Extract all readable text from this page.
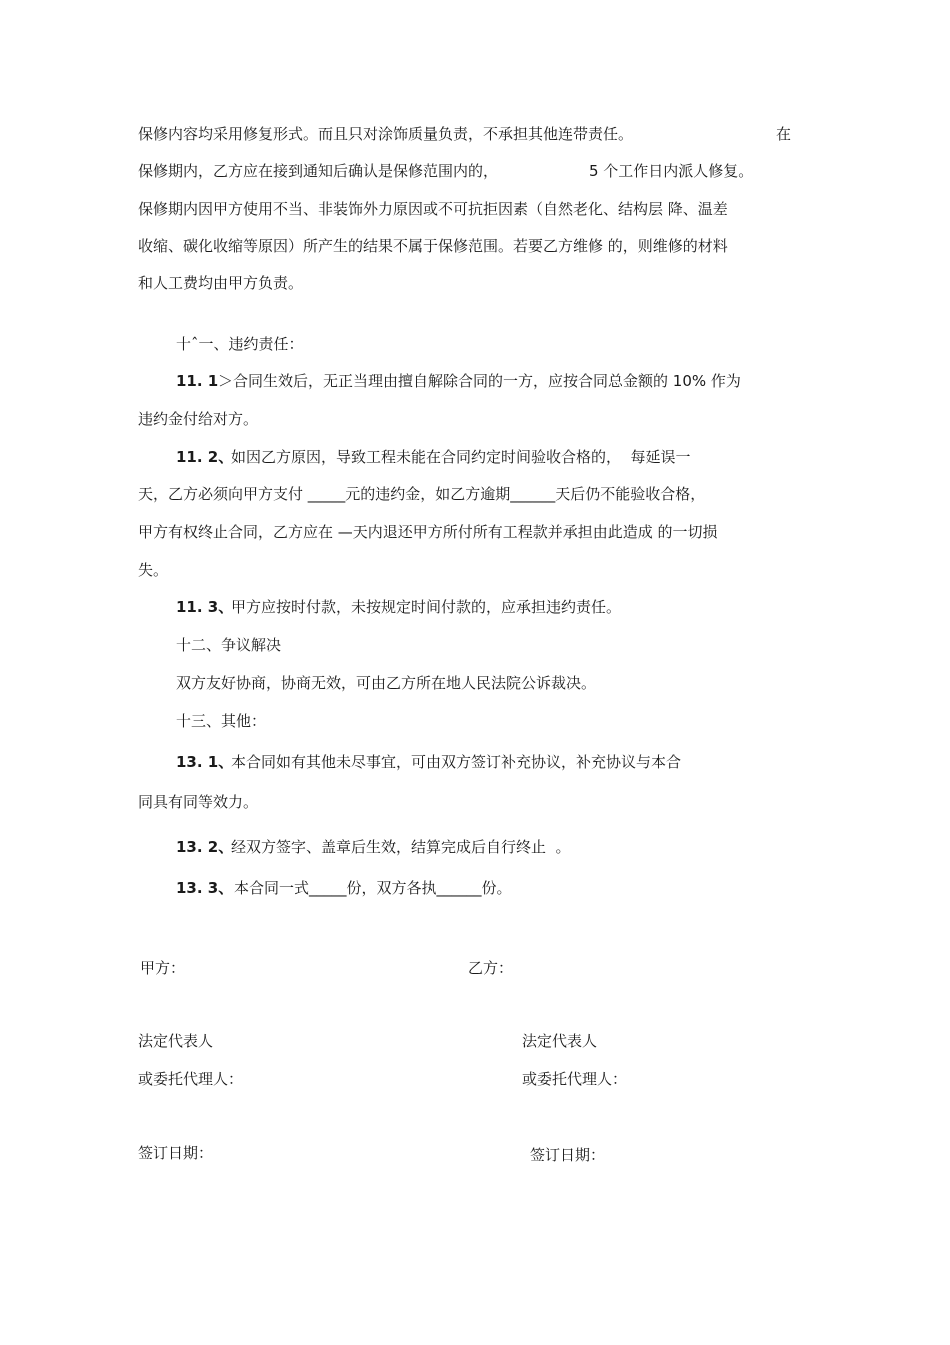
保修内容均采用修复形式。而且只对涂饰质量负责，不承担其他连带责任。	在
保修期内，乙方应在接到通知后确认是保修范围内的，	5 个工作日内派人修复。
保修期内因甲方使用不当、非装饰外力原因或不可抗拒因素（自然老化、结构层 降、温差
收缩、碳化收缩等原因）所产生的结果不属于保修范围。若要乙方维修 的，则维修的材料
和人工费均由甲方负责。
十ˆ一、违约责任：
11. 1 ＞合同生效后，无正当理由擅自解除合同的一方，应按合同总金额的 10% 作为
违约金付给对方。
11. 2、
如因乙方原因，导致工程未能在合同约定时间验收合格的，  每延误一
天，乙方必须向甲方支付 _____元的违约金，如乙方逾期______天后仍不能验收合格，
甲方有权终止合同，乙方应在 —天内退还甲方所付所有工程款并承担由此造成 的一切损
失。
11. 3、
甲方应按时付款，未按规定时间付款的，应承担违约责任。
十二、争议解决
双方友好协商，协商无效，可由乙方所在地人民法院公诉裁决。
十三、其他：
13. 1、
本合同如有其他未尽事宜，可由双方签订补充协议，补充协议与本合
同具有同等效力。
13. 2、
经双方签字、盖章后生效，结算完成后自行终止  。
13. 3、 本合同一式_____份，双方各执______份。
甲方：	乙方：
法定代表人	法定代表人
或委托代理人：	或委托代理人：
签订日期：	签订日期：
